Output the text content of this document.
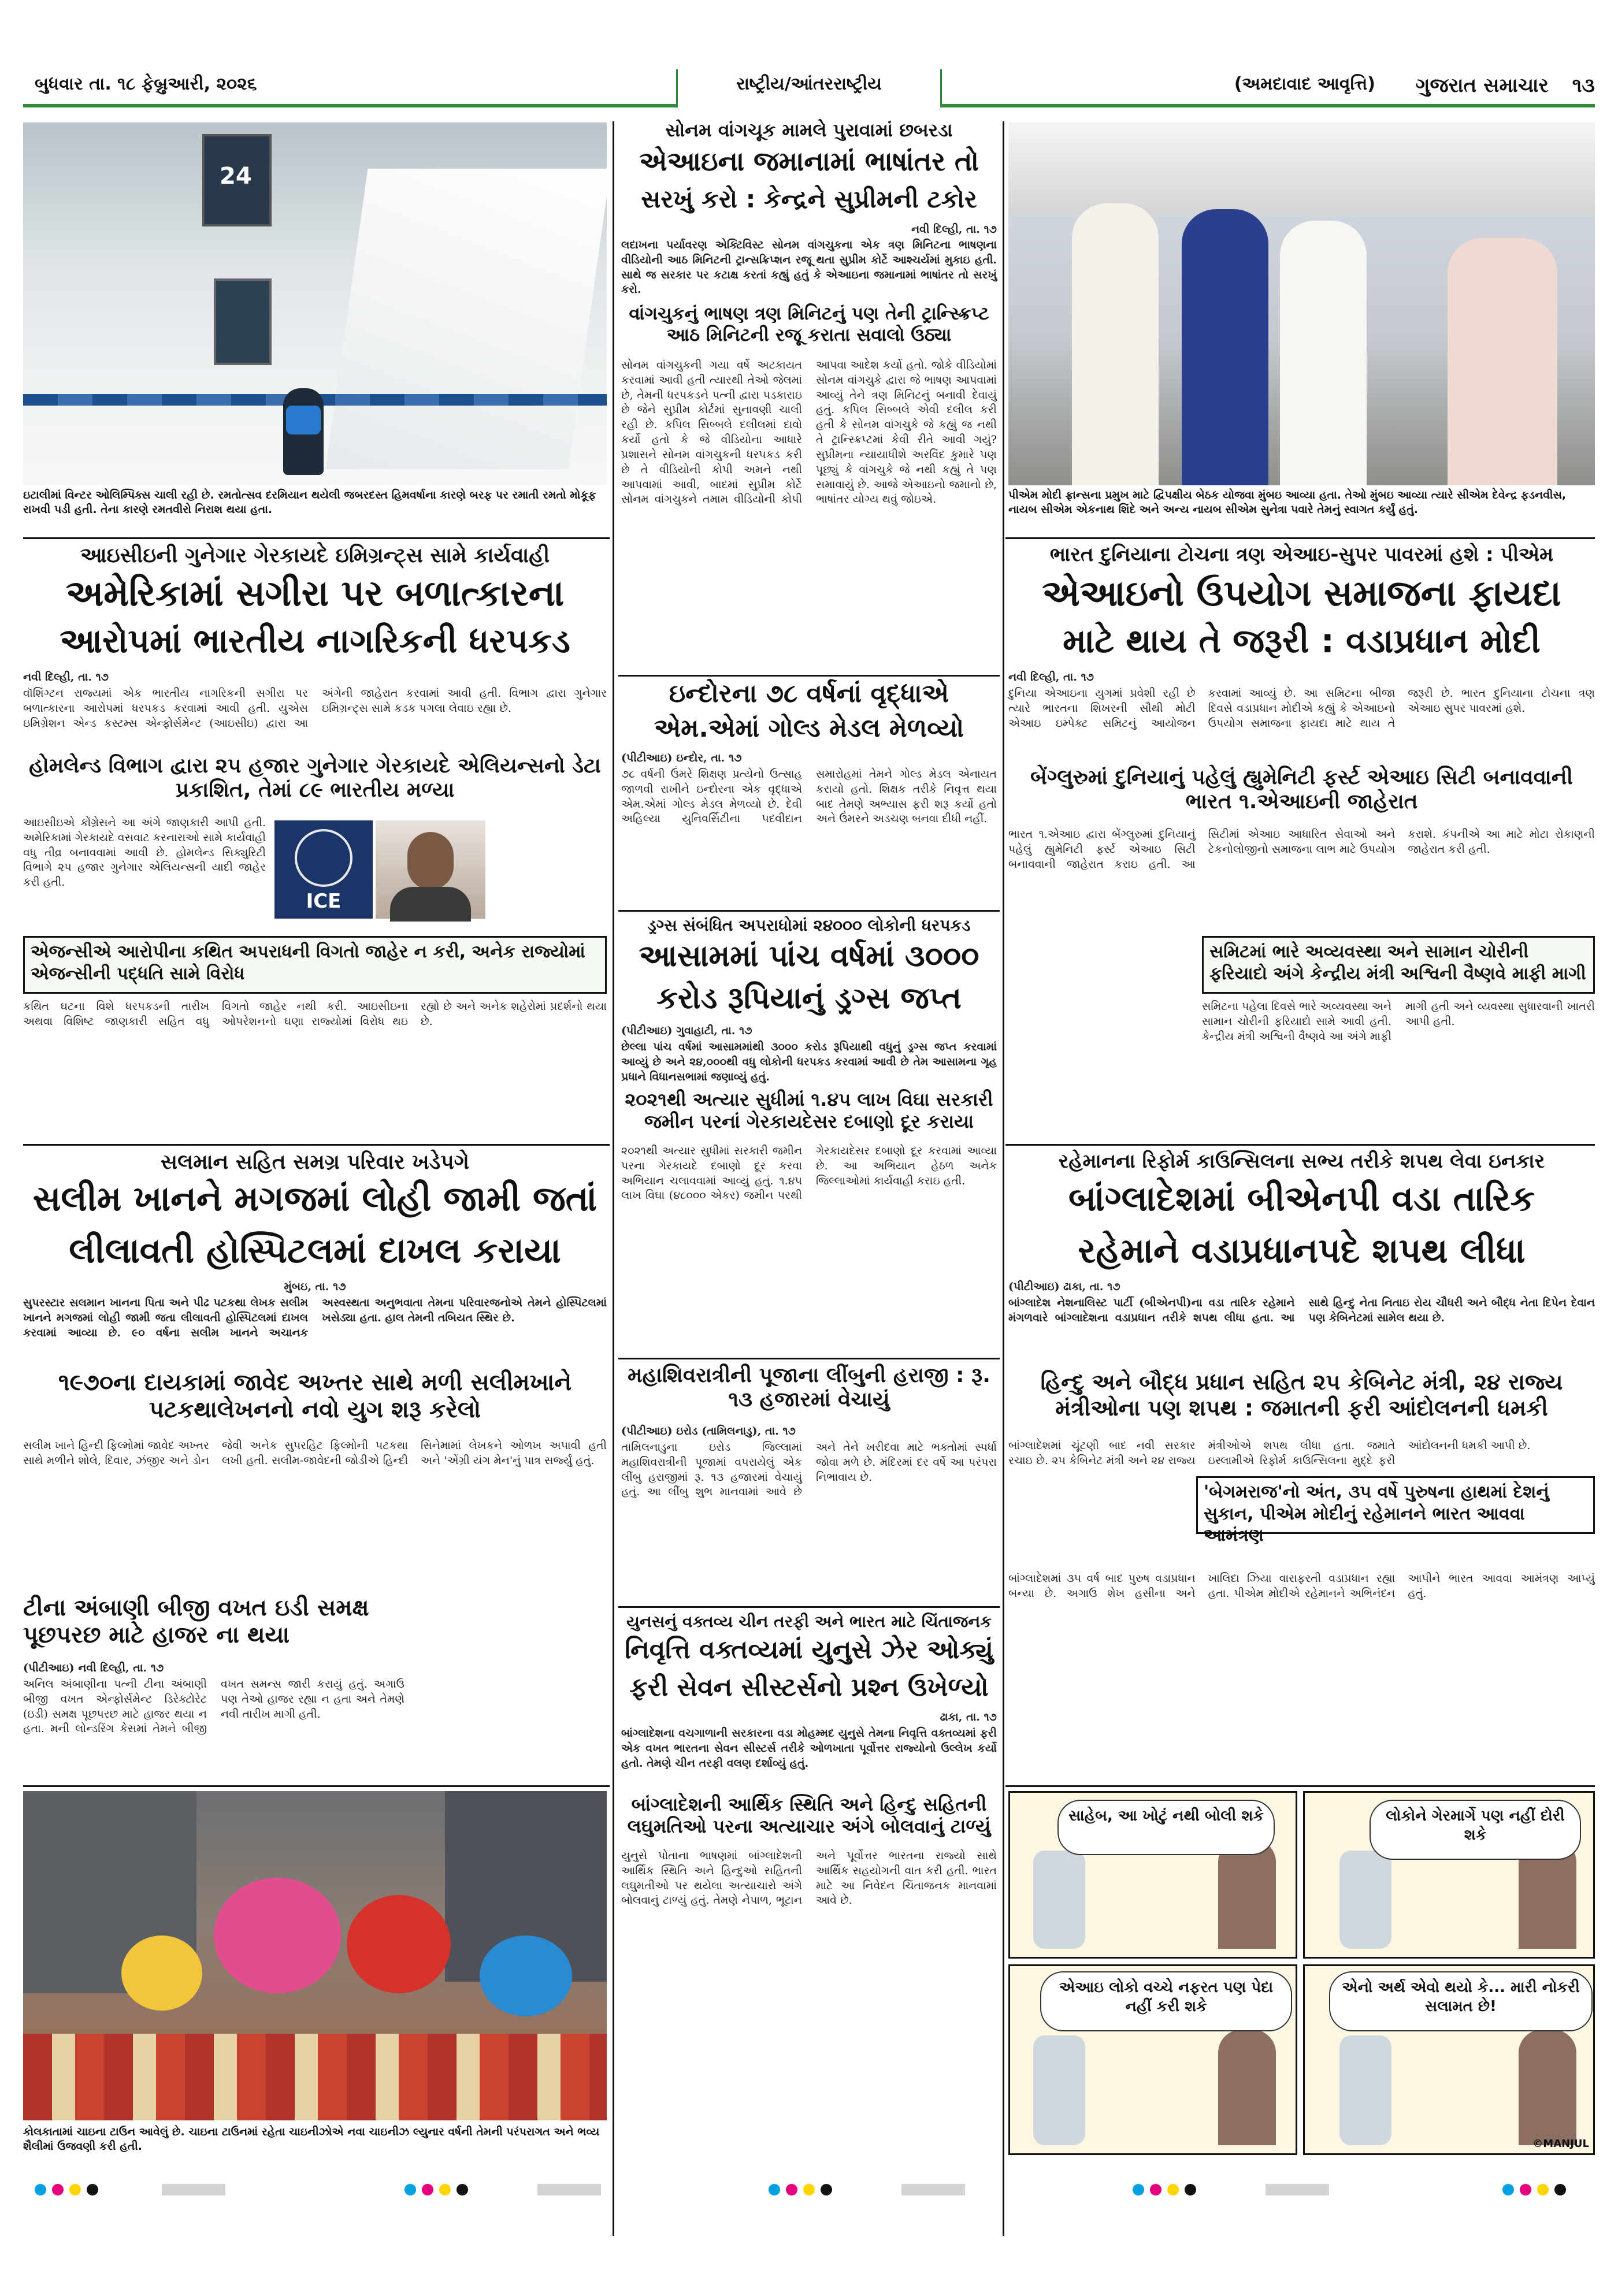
બુધવાર તા. ૧૮ ફેબ્રુઆરી, ૨૦૨૬	રાષ્ટ્રીય/આંતરરાષ્ટ્રીય	(અમદાવાદ આવૃત્તિ)	ગુજરાત સમાચાર	૧૩
24
ઇટાલીમાં વિન્ટર ઓલિમ્પિક્સ ચાલી રહી છે. રમતોત્સવ દરમિયાન થયેલી જબરદસ્ત હિમવર્ષાના કારણે બરફ પર રમાતી રમતો મોકૂફ રાખવી પડી હતી. તેના કારણે રમતવીરો નિરાશ થયા હતા.
સોનમ વાંગચૂક મામલે પુરાવામાં છબરડા
એઆઇના જમાનામાં ભાષાંતર તો
સરખું કરો : કેન્દ્રને સુપ્રીમની ટકોર
નવી દિલ્હી, તા. ૧૭
લદાખના પર્યાવરણ એક્ટિવિસ્ટ સોનમ વાંગચુકના એક ત્રણ મિનિટના ભાષણના વીડિયોની આઠ મિનિટની ટ્રાન્સક્રિપ્શન રજૂ થતા સુપ્રીમ કોર્ટે આશ્ચર્યમાં મુકાઇ હતી. સાથે જ સરકાર પર કટાક્ષ કરતાં કહ્યું હતું કે એઆઇના જમાનામાં ભાષાંતર તો સરખું કરો.
વાંગચુકનું ભાષણ ત્રણ મિનિટનું પણ તેની ટ્રાન્સ્ક્રિપ્ટ આઠ મિનિટની રજૂ કરાતા સવાલો ઉઠ્યા
સોનમ વાંગચુકની ગયા વર્ષે અટકાયત કરવામાં આવી હતી ત્યારથી તેઓ જેલમાં છે, તેમની ધરપકડને પત્ની દ્વારા પડકારાઇ છે જેને સુપ્રીમ કોર્ટમાં સુનાવણી ચાલી રહી છે. કપિલ સિબ્બલે દલીલમાં દાવો કર્યો હતો કે જે વીડિયોના આધારે પ્રશાસને સોનમ વાંગચુકની ધરપકડ કરી છે તે વીડિયોની કોપી અમને નથી આપવામાં આવી, બાદમાં સુપ્રીમ કોર્ટે સોનમ વાંગચુકને તમામ વીડિયોની કોપી આપવા આદેશ કર્યો હતો. જોકે વીડિયોમાં સોનમ વાંગચુકે દ્વારા જે ભાષણ આપવામાં આવ્યું તેને ત્રણ મિનિટનું બનાવી દેવાયું હતું. કપિલ સિબ્બલે એવી દલીલ કરી હતી કે સોનમ વાંગચુકે જે કહ્યું જ નથી તે ટ્રાન્સ્ક્રિપ્ટમાં કેવી રીતે આવી ગયું? સુપ્રીમના ન્યાયાધીશે અરવિંદ કુમારે પણ પૂછ્યું કે વાંગચુકે જે નથી કહ્યું તે પણ સમાવાયું છે. આજે એઆઇનો જમાનો છે, ભાષાંતર યોગ્ય થવું જોઇએ.	પીએમ મોદી ફ્રાન્સના પ્રમુખ માટે દ્વિપક્ષીય બેઠક યોજવા મુંબઇ આવ્યા હતા. તેઓ મુંબઇ આવ્યા ત્યારે સીએમ દેવેન્દ્ર ફડનવીસ, નાયબ સીએમ એકનાથ શિંદે અને અન્ય નાયબ સીએમ સુનેત્રા પવારે તેમનું સ્વાગત કર્યું હતું.
આઇસીઇની ગુનેગાર ગેરકાયદે ઇમિગ્રન્ટ્સ સામે કાર્યવાહી
અમેરિકામાં સગીરા પર બળાત્કારના
આરોપમાં ભારતીય નાગરિકની ધરપકડ
નવી દિલ્હી, તા. ૧૭
વૉશિંગ્ટન રાજ્યમાં એક ભારતીય નાગરિકની સગીરા પર બળાત્કારના આરોપમાં ધરપકડ કરવામાં આવી હતી. યુએસ ઇમિગ્રેશન એન્ડ કસ્ટમ્સ એન્ફોર્સમેન્ટ (આઇસીઇ) દ્વારા આ અંગેની જાહેરાત કરવામાં આવી હતી. વિભાગ દ્વારા ગુનેગાર ઇમિગ્રન્ટ્સ સામે કડક પગલા લેવાઇ રહ્યા છે.
હોમલેન્ડ વિભાગ દ્વારા ૨૫ હજાર ગુનેગાર ગેરકાયદે એલિયન્સનો ડેટા પ્રકાશિત, તેમાં ૮૯ ભારતીય મળ્યા
આઇસીઇએ કોંગ્રેસને આ અંગે જાણકારી આપી હતી. અમેરિકામાં ગેરકાયદે વસવાટ કરનારાઓ સામે કાર્યવાહી વધુ તીવ્ર બનાવવામાં આવી છે. હોમલેન્ડ સિક્યુરિટી વિભાગે ૨૫ હજાર ગુનેગાર એલિયન્સની યાદી જાહેર કરી હતી.
ICE
એજન્સીએ આરોપીના કથિત અપરાધની વિગતો જાહેર ન કરી, અનેક રાજ્યોમાં એજન્સીની પદ્ધતિ સામે વિરોધ
કથિત ઘટના વિશે ધરપકડની તારીખ અથવા વિશિષ્ટ જાણકારી સહિત વધુ વિગતો જાહેર નથી કરી. આઇસીઇના ઓપરેશનનો ઘણા રાજ્યોમાં વિરોધ થઇ રહ્યો છે અને અનેક શહેરોમાં પ્રદર્શનો થયા છે.
સલમાન સહિત સમગ્ર પરિવાર ખડેપગે
સલીમ ખાનને મગજમાં લોહી જામી જતાં
લીલાવતી હોસ્પિટલમાં દાખલ કરાયા
મુંબઇ, તા. ૧૭
સુપરસ્ટાર સલમાન ખાનના પિતા અને પીઢ પટકથા લેખક સલીમ ખાનને મગજમાં લોહી જામી જતા લીલાવતી હોસ્પિટલમાં દાખલ કરવામાં આવ્યા છે. ૯૦ વર્ષના સલીમ ખાનને અચાનક અસ્વસ્થતા અનુભવાતા તેમના પરિવારજનોએ તેમને હોસ્પિટલમાં ખસેડ્યા હતા. હાલ તેમની તબિયત સ્થિર છે.
૧૯૭૦ના દાયકામાં જાવેદ અખ્તર સાથે મળી સલીમખાને પટકથાલેખનનો નવો યુગ શરૂ કરેલો
સલીમ ખાને હિન્દી ફિલ્મોમાં જાવેદ અખ્તર સાથે મળીને શોલે, દિવાર, ઝંજીર અને ડોન જેવી અનેક સુપરહિટ ફિલ્મોની પટકથા લખી હતી. સલીમ-જાવેદની જોડીએ હિન્દી સિનેમામાં લેખકને ઓળખ અપાવી હતી અને 'એંગ્રી યંગ મેન'નું પાત્ર સર્જ્યું હતું.
ટીના અંબાણી બીજી વખત ઇડી સમક્ષ પૂછપરછ માટે હાજર ના થયા
(પીટીઆઇ) નવી દિલ્હી, તા. ૧૭
અનિલ અંબાણીના પત્ની ટીના અંબાણી બીજી વખત એન્ફોર્સમેન્ટ ડિરેક્ટોરેટ (ઇડી) સમક્ષ પૂછપરછ માટે હાજર થયા ન હતા. મની લોન્ડરિંગ કેસમાં તેમને બીજી વખત સમન્સ જારી કરાયું હતું. અગાઉ પણ તેઓ હાજર રહ્યા ન હતા અને તેમણે નવી તારીખ માગી હતી.
કોલકાતામાં ચાઇના ટાઉન આવેલું છે. ચાઇના ટાઉનમાં રહેતા ચાઇનીઝોએ નવા ચાઇનીઝ લ્યુનાર વર્ષની તેમની પરંપરાગત અને ભવ્ય શૈલીમાં ઉજવણી કરી હતી.
ઇન્દોરના ૭૮ વર્ષનાં વૃદ્ધાએ
એમ.એમાં ગોલ્ડ મેડલ મેળવ્યો
(પીટીઆઇ) ઇન્દોર, તા. ૧૭
૭૮ વર્ષની ઉંમરે શિક્ષણ પ્રત્યેનો ઉત્સાહ જાળવી રાખીને ઇન્દોરના એક વૃદ્ધાએ એમ.એમાં ગોલ્ડ મેડલ મેળવ્યો છે. દેવી અહિલ્યા યુનિવર્સિટીના પદવીદાન સમારોહમાં તેમને ગોલ્ડ મેડલ એનાયત કરાયો હતો. શિક્ષક તરીકે નિવૃત્ત થયા બાદ તેમણે અભ્યાસ ફરી શરૂ કર્યો હતો અને ઉંમરને અડચણ બનવા દીધી નહીં.
ડ્રગ્સ સંબંધિત અપરાધોમાં ૨૪૦૦૦ લોકોની ધરપકડ
આસામમાં પાંચ વર્ષમાં ૩૦૦૦
કરોડ રૂપિયાનું ડ્રગ્સ જપ્ત
(પીટીઆઇ) ગુવાહાટી, તા. ૧૭
છેલ્લા પાંચ વર્ષમાં આસામમાંથી ૩૦૦૦ કરોડ રૂપિયાથી વધુનું ડ્રગ્સ જપ્ત કરવામાં આવ્યું છે અને ૨૪,૦૦૦થી વધુ લોકોની ધરપકડ કરવામાં આવી છે તેમ આસામના ગૃહ પ્રધાને વિધાનસભામાં જણાવ્યું હતું.
૨૦૨૧થી અત્યાર સુધીમાં ૧.૪૫ લાખ વિઘા સરકારી જમીન પરનાં ગેરકાયદેસર દબાણો દૂર કરાયા
૨૦૨૧થી અત્યાર સુધીમાં સરકારી જમીન પરના ગેરકાયદે દબાણો દૂર કરવા અભિયાન ચલાવવામાં આવ્યું હતું. ૧.૪૫ લાખ વિઘા (૪૮૦૦૦ એકર) જમીન પરથી ગેરકાયદેસર દબાણો દૂર કરવામાં આવ્યા છે. આ અભિયાન હેઠળ અનેક જિલ્લાઓમાં કાર્યવાહી કરાઇ હતી.
મહાશિવરાત્રીની પૂજાના લીંબુની હરાજી : રૂ. ૧૩ હજારમાં વેચાયું
(પીટીઆઇ) ઇરોડ (તામિલનાડુ), તા. ૧૭
તામિલનાડુના ઇરોડ જિલ્લામાં મહાશિવરાત્રીની પૂજામાં વપરાયેલું એક લીંબુ હરાજીમાં રૂ. ૧૩ હજારમાં વેચાયું હતું. આ લીંબુ શુભ માનવામાં આવે છે અને તેને ખરીદવા માટે ભક્તોમાં સ્પર્ધા જોવા મળે છે. મંદિરમાં દર વર્ષે આ પરંપરા નિભાવાય છે.
યુનસનું વક્તવ્ય ચીન તરફી અને ભારત માટે ચિંતાજનક
નિવૃત્તિ વક્તવ્યમાં યુનુસે ઝેર ઓક્યું
ફરી સેવન સીસ્ટર્સનો પ્રશ્ન ઉખેળ્યો
ઢાકા, તા. ૧૭
બાંગ્લાદેશના વચગાળાની સરકારના વડા મોહમ્મદ યુનુસે તેમના નિવૃત્તિ વક્તવ્યમાં ફરી એક વખત ભારતના સેવન સીસ્ટર્સ તરીકે ઓળખાતા પૂર્વોત્તર રાજ્યોનો ઉલ્લેખ કર્યો હતો. તેમણે ચીન તરફી વલણ દર્શાવ્યું હતું.
બાંગ્લાદેશની આર્થિક સ્થિતિ અને હિન્દુ સહિતની લઘુમતિઓ પરના અત્યાચાર અંગે બોલવાનું ટાળ્યું
યુનુસે પોતાના ભાષણમાં બાંગ્લાદેશની આર્થિક સ્થિતિ અને હિન્દુઓ સહિતની લઘુમતીઓ પર થયેલા અત્યાચારો અંગે બોલવાનું ટાળ્યું હતું. તેમણે નેપાળ, ભૂટાન અને પૂર્વોત્તર ભારતના રાજ્યો સાથે આર્થિક સહયોગની વાત કરી હતી. ભારત માટે આ નિવેદન ચિંતાજનક માનવામાં આવે છે.
ભારત દુનિયાના ટોચના ત્રણ એઆઇ-સુપર પાવરમાં હશે : પીએમ
એઆઇનો ઉપયોગ સમાજના ફાયદા
માટે થાય તે જરૂરી : વડાપ્રધાન મોદી
નવી દિલ્હી, તા. ૧૭
દુનિયા એઆઇના યુગમાં પ્રવેશી રહી છે ત્યારે ભારતના શિખરની સૌથી મોટી એઆઇ ઇમ્પેક્ટ સમિટનું આયોજન કરવામાં આવ્યું છે. આ સમિટના બીજા દિવસે વડાપ્રધાન મોદીએ કહ્યું કે એઆઇનો ઉપયોગ સમાજના ફાયદા માટે થાય તે જરૂરી છે. ભારત દુનિયાના ટોચના ત્રણ એઆઇ સુપર પાવરમાં હશે.
બેંગ્લુરુમાં દુનિયાનું પહેલું હ્યુમેનિટી ફર્સ્ટ એઆઇ સિટી બનાવવાની ભારત ૧.એઆઇની જાહેરાત
ભારત ૧.એઆઇ દ્વારા બેંગ્લુરુમાં દુનિયાનું પહેલું હ્યુમેનિટી ફર્સ્ટ એઆઇ સિટી બનાવવાની જાહેરાત કરાઇ હતી. આ સિટીમાં એઆઇ આધારિત સેવાઓ અને ટેકનોલોજીનો સમાજના લાભ માટે ઉપયોગ કરાશે. કંપનીએ આ માટે મોટા રોકાણની જાહેરાત કરી હતી.
સમિટમાં ભારે અવ્યવસ્થા અને સામાન ચોરીની ફરિયાદો અંગે કેન્દ્રીય મંત્રી અશ્વિની વૈષ્ણવે માફી માગી
સમિટના પહેલા દિવસે ભારે અવ્યવસ્થા અને સામાન ચોરીની ફરિયાદો સામે આવી હતી. કેન્દ્રીય મંત્રી અશ્વિની વૈષ્ણવે આ અંગે માફી માગી હતી અને વ્યવસ્થા સુધારવાની ખાતરી આપી હતી.
રહેમાનના રિફોર્મ કાઉન્સિલના સભ્ય તરીકે શપથ લેવા ઇનકાર
બાંગ્લાદેશમાં બીએનપી વડા તારિક
રહેમાને વડાપ્રધાનપદે શપથ લીધા
(પીટીઆઇ) ઢાકા, તા. ૧૭
બાંગ્લાદેશ નેશનાલિસ્ટ પાર્ટી (બીએનપી)ના વડા તારિક રહેમાને મંગળવારે બાંગ્લાદેશના વડાપ્રધાન તરીકે શપથ લીધા હતા. આ સાથે હિન્દુ નેતા નિતાઇ રોય ચૌધરી અને બૌદ્ધ નેતા દિપેન દેવાન પણ કેબિનેટમાં સામેલ થયા છે.
હિન્દુ અને બૌદ્ધ પ્રધાન સહિત ૨૫ કેબિનેટ મંત્રી, ૨૪ રાજ્ય મંત્રીઓના પણ શપથ : જમાતની ફરી આંદોલનની ધમકી
બાંગ્લાદેશમાં ચૂંટણી બાદ નવી સરકાર રચાઇ છે. ૨૫ કેબિનેટ મંત્રી અને ૨૪ રાજ્ય મંત્રીઓએ શપથ લીધા હતા. જમાતે ઇસ્લામીએ રિફોર્મ કાઉન્સિલના મુદ્દે ફરી આંદોલનની ધમકી આપી છે.
'બેગમરાજ'નો અંત, ૩૫ વર્ષે પુરુષના હાથમાં દેશનું સુકાન, પીએમ મોદીનું રહેમાનને ભારત આવવા આમંત્રણ
બાંગ્લાદેશમાં ૩૫ વર્ષ બાદ પુરુષ વડાપ્રધાન બન્યા છે. અગાઉ શેખ હસીના અને ખાલિદા ઝિયા વારાફરતી વડાપ્રધાન રહ્યા હતા. પીએમ મોદીએ રહેમાનને અભિનંદન આપીને ભારત આવવા આમંત્રણ આપ્યું હતું.
સાહેબ, આ ખોટું નથી બોલી શકે	લોકોને ગેરમાર્ગે પણ નહીં દોરી શકે
એઆઇ લોકો વચ્ચે નફરત પણ પેદા નહીં કરી શકે
એનો અર્થ એવો થયો કે... મારી નોકરી સલામત છે!
©MANJUL
